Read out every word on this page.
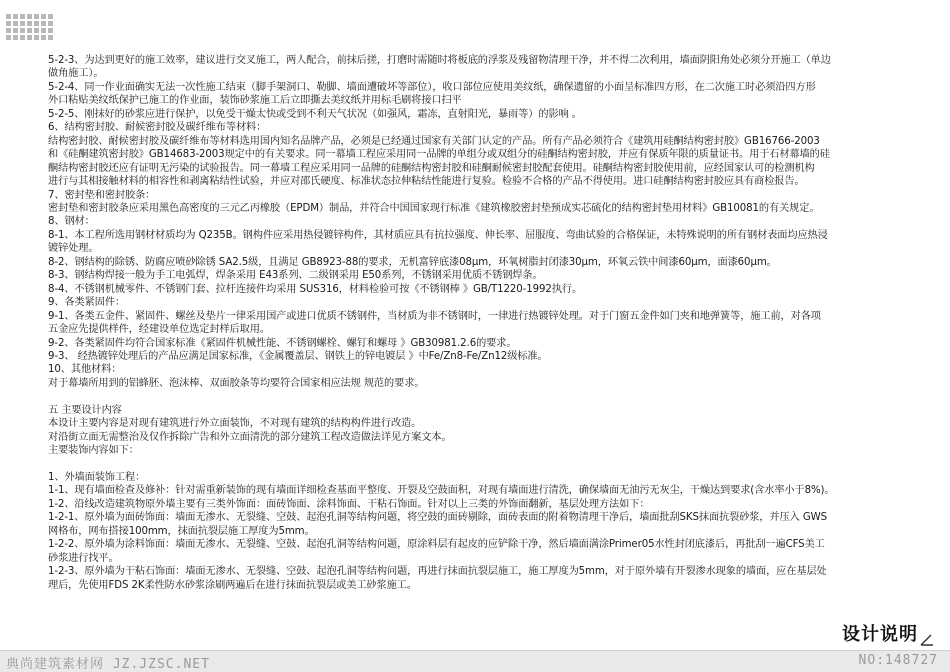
5-2-3、为达到更好的施工效率，建议进行交叉施工，两人配合，前抹后搓，打磨时需随时将板底的浮浆及残留物清理干净，并不得二次利用，墙面阴阳角处必须分开施工（单边

做角施工）。

5-2-4、同一作业面确实无法一次性施工结束（脚手架洞口、勒脚、墙面遭破坏等部位），收口部位应使用美纹纸，确保遗留的小面呈标准四方形，在二次施工时必须沿四方形

外口粘贴美纹纸保护已施工的作业面，装饰砂浆施工后立即撕去美纹纸并用标毛刷将接口扫平

5-2-5、刚抹好的砂浆应进行保护，以免受干燥太快或受到不利天气状况（如强风，霜冻，直射阳光，暴雨等）的影响 。

6、结构密封胶、耐候密封胶及碳纤维布等材料：

结构密封胶、耐候密封胶及碳纤维布等材料选用国内知名品牌产品，必须是已经通过国家有关部门认定的产品。所有产品必须符合《建筑用硅酮结构密封胶》GB16766-2003

和《硅酮建筑密封胶》GB14683-2003规定中的有关要求。同一幕墙工程应采用同一品牌的单组分或双组分的硅酮结构密封胶，并应有保质年限的质量证书。用于石材幕墙的硅

酮结构密封胶还应有证明无污染的试验报告。同一幕墙工程应采用同一品牌的硅酮结构密封胶和硅酮耐候密封胶配套使用。硅酮结构密封胶使用前，应经国家认可的检测机构

进行与其相接触材料的相容性和剥离粘结性试验，并应对邵氏硬度、标准状态拉伸粘结性能进行复验。检验不合格的产品不得使用。进口硅酮结构密封胶应具有商检报告。

7、密封垫和密封胶条：

密封垫和密封胶条应采用黑色高密度的三元乙丙橡胶（EPDM）制品，并符合中国国家现行标准《建筑橡胶密封垫预成实芯硫化的结构密封垫用材料》GB10081的有关规定。

8、钢材：

8-1、本工程所选用钢材材质均为 Q235B。钢构件应采用热侵镀锌构件，其材质应具有抗拉强度、伸长率、屈服度、弯曲试验的合格保证，未特殊说明的所有钢材表面均应热浸

镀锌处理。

8-2、钢结构的除锈、防腐应喷砂除锈 SA2.5级，且满足 GB8923-88的要求，无机富锌底漆08μm，环氧树脂封闭漆30μm，环氧云铁中间漆60μm，面漆60μm。

8-3、钢结构焊接一般为手工电弧焊，焊条采用 E43系列、二级钢采用 E50系列，不锈钢采用优质不锈钢焊条。

8-4、不锈钢机械零件、不锈钢门套、拉杆连接件均采用 SUS316，材料检验可按《不锈钢棒 》GB/T1220-1992执行。

9、各类紧固件：

9-1、各类五金件、紧固件、螺丝及垫片一律采用国产或进口优质不锈钢件，当材质为非不锈钢时，一律进行热镀锌处理。对于门窗五金件如门夹和地弹簧等，施工前，对各项

五金应先提供样件，经建设单位选定封样后取用。

9-2、各类紧固件均符合国家标准《紧固件机械性能、不锈钢螺栓、螺钉和螺母 》GB30981.2.6的要求。

9-3、 经热镀锌处理后的产品应满足国家标准，《金属覆盖层、钢铁上的锌电镀层 》中Fe/Zn8-Fe/Zn12级标准。

10、其他材料：

对于幕墙所用到的铝蜂胚、泡沫棒、双面胶条等均要符合国家相应法规 规范的要求。

五 主要设计内容

本设计主要内容是对现有建筑进行外立面装饰，不对现有建筑的结构构件进行改造。

对沿街立面无需整治及仅作拆除广告和外立面清洗的部分建筑工程改造做法详见方案文本。

主要装饰内容如下：

1、外墙面装饰工程：

1-1、现有墙面检查及修补：针对需重新装饰的现有墙面详细检查基面平整度、开裂及空鼓面积，对现有墙面进行清洗，确保墙面无油污无灰尘，干燥达到要求(含水率小于8%)。

1-2、沿线改造建筑物原外墙主要有三类外饰面：面砖饰面、涂料饰面、干粘石饰面。针对以上三类的外饰面翻新，基层处理方法如下：

1-2-1、原外墙为面砖饰面：墙面无渗水、无裂缝、空鼓、起泡孔洞等结构问题，将空鼓的面砖剔除，面砖表面的附着物清理干净后，墙面批刮SKS抹面抗裂砂浆，并压入 GWS

网格布，网布搭接100mm，抹面抗裂层施工厚度为5mm。

1-2-2、原外墙为涂料饰面：墙面无渗水、无裂缝、空鼓、起泡孔洞等结构问题，原涂料层有起皮的应铲除干净，然后墙面满涂Primer05水性封闭底漆后，再批刮一遍CFS美工

砂浆进行找平。

1-2-3、原外墙为干粘石饰面：墙面无渗水、无裂缝、空鼓、起泡孔洞等结构问题，再进行抹面抗裂层施工，施工厚度为5mm，对于原外墙有开裂渗水现象的墙面，应在基层处

理后，先使用FDS 2K柔性防水砂浆涂刷两遍后在进行抹面抗裂层或美工砂浆施工。

设计说明
典尚建筑素材网 JZ.JZSC.NET	NO:148727
